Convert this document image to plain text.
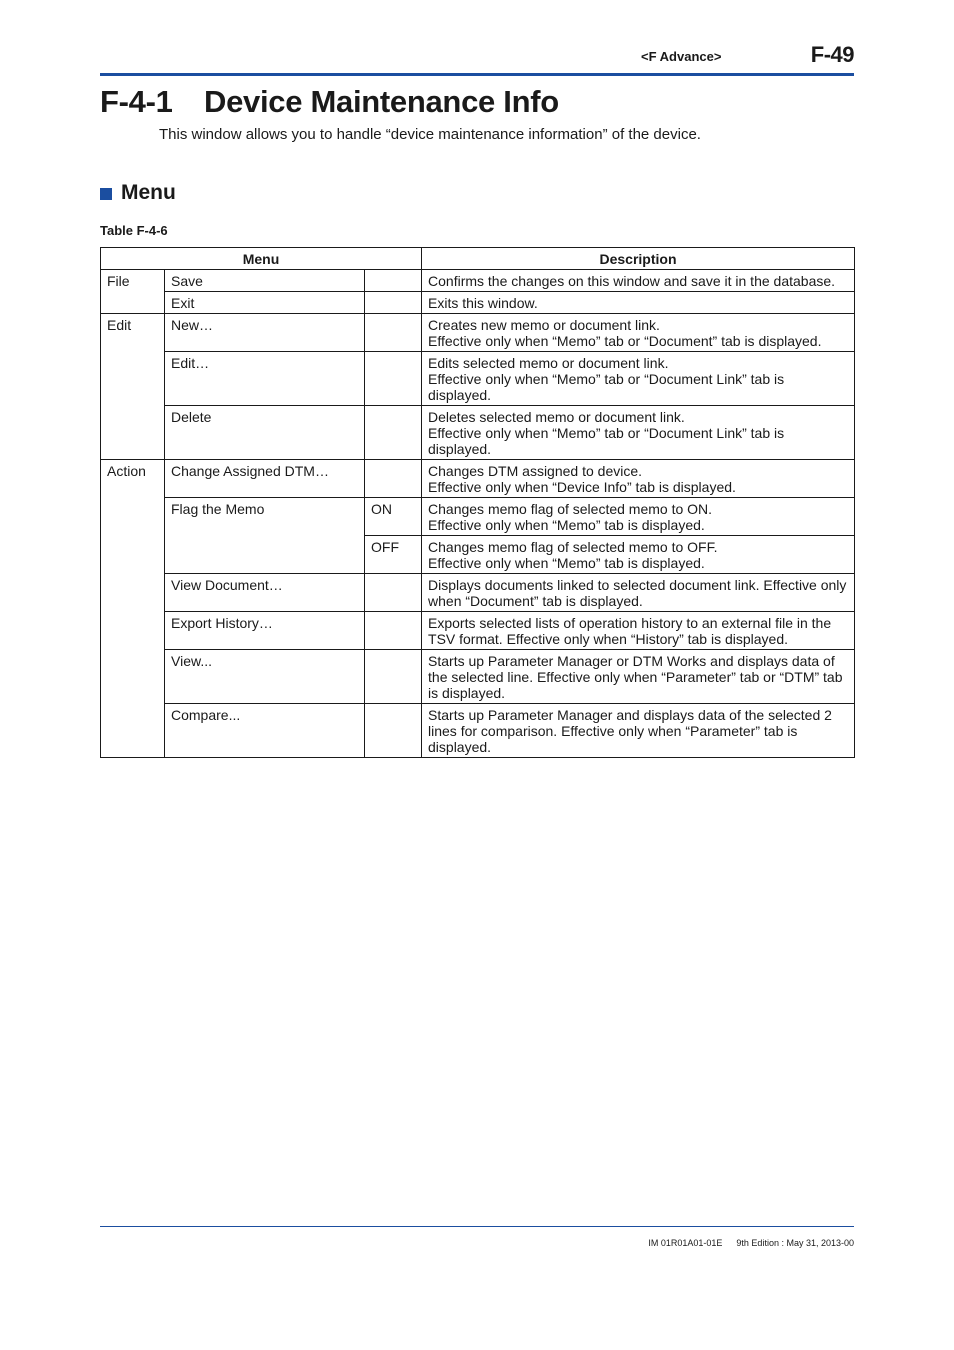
<F Advance>	F-49
F-4-1 Device Maintenance Info

This window allows you to handle “device maintenance information” of the device.

Menu
Table F-4-6
Menu			Description
File	Save		Confirms the changes on this window and save it in the database.
	Exit		Exits this window.
Edit	New…		Creates new memo or document link.
Effective only when “Memo” tab or “Document” tab is displayed.
	Edit…		Edits selected memo or document link.
Effective only when “Memo” tab or “Document Link” tab is displayed.
	Delete		Deletes selected memo or document link.
Effective only when “Memo” tab or “Document Link” tab is displayed.
Action	Change Assigned DTM…		Changes DTM assigned to device.
Effective only when “Device Info” tab is displayed.
	Flag the Memo	ON	Changes memo flag of selected memo to ON.
Effective only when “Memo” tab is displayed.
		OFF	Changes memo flag of selected memo to OFF.
Effective only when “Memo” tab is displayed.
	View Document…		Displays documents linked to selected document link. Effective only when “Document” tab is displayed.
	Export History…		Exports selected lists of operation history to an external file in the TSV format. Effective only when “History” tab is displayed.
	View...		Starts up Parameter Manager or DTM Works and displays data of the selected line. Effective only when “Parameter” tab or “DTM” tab is displayed.
	Compare...		Starts up Parameter Manager and displays data of the selected 2 lines for comparison. Effective only when “Parameter” tab is displayed.
IM 01R01A01-01E 9th Edition : May 31, 2013-00
